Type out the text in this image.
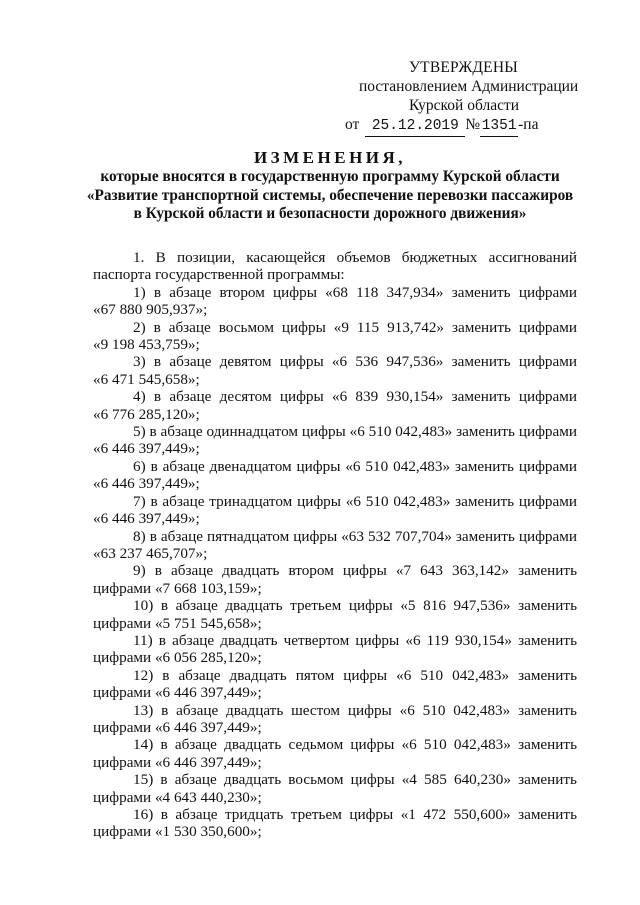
УТВЕРЖДЕНЫ
постановлением Администрации
Курской области
от 25.12.2019 № 1351 -па
ИЗМЕНЕНИЯ,
которые вносятся в государственную программу Курской области
«Развитие транспортной системы, обеспечение перевозки пассажиров
в Курской области и безопасности дорожного движения»

1. В позиции, касающейся объемов бюджетных ассигнований паспорта государственной программы:

1) в абзаце втором цифры «68 118 347,934» заменить цифрами
«67 880 905,937»;
2) в абзаце восьмом цифры «9 115 913,742» заменить цифрами
«9 198 453,759»;
3) в абзаце девятом цифры «6 536 947,536» заменить цифрами
«6 471 545,658»;
4) в абзаце десятом цифры «6 839 930,154» заменить цифрами
«6 776 285,120»;
5) в абзаце одиннадцатом цифры «6 510 042,483» заменить цифрами
«6 446 397,449»;
6) в абзаце двенадцатом цифры «6 510 042,483» заменить цифрами
«6 446 397,449»;
7) в абзаце тринадцатом цифры «6 510 042,483» заменить цифрами
«6 446 397,449»;
8) в абзаце пятнадцатом цифры «63 532 707,704» заменить цифрами
«63 237 465,707»;
9) в абзаце двадцать втором цифры «7 643 363,142» заменить
цифрами «7 668 103,159»;
10) в абзаце двадцать третьем цифры «5 816 947,536» заменить
цифрами «5 751 545,658»;
11) в абзаце двадцать четвертом цифры «6 119 930,154» заменить
цифрами «6 056 285,120»;
12) в абзаце двадцать пятом цифры «6 510 042,483» заменить
цифрами «6 446 397,449»;
13) в абзаце двадцать шестом цифры «6 510 042,483» заменить
цифрами «6 446 397,449»;
14) в абзаце двадцать седьмом цифры «6 510 042,483» заменить
цифрами «6 446 397,449»;
15) в абзаце двадцать восьмом цифры «4 585 640,230» заменить
цифрами «4 643 440,230»;
16) в абзаце тридцать третьем цифры «1 472 550,600» заменить
цифрами «1 530 350,600»;
